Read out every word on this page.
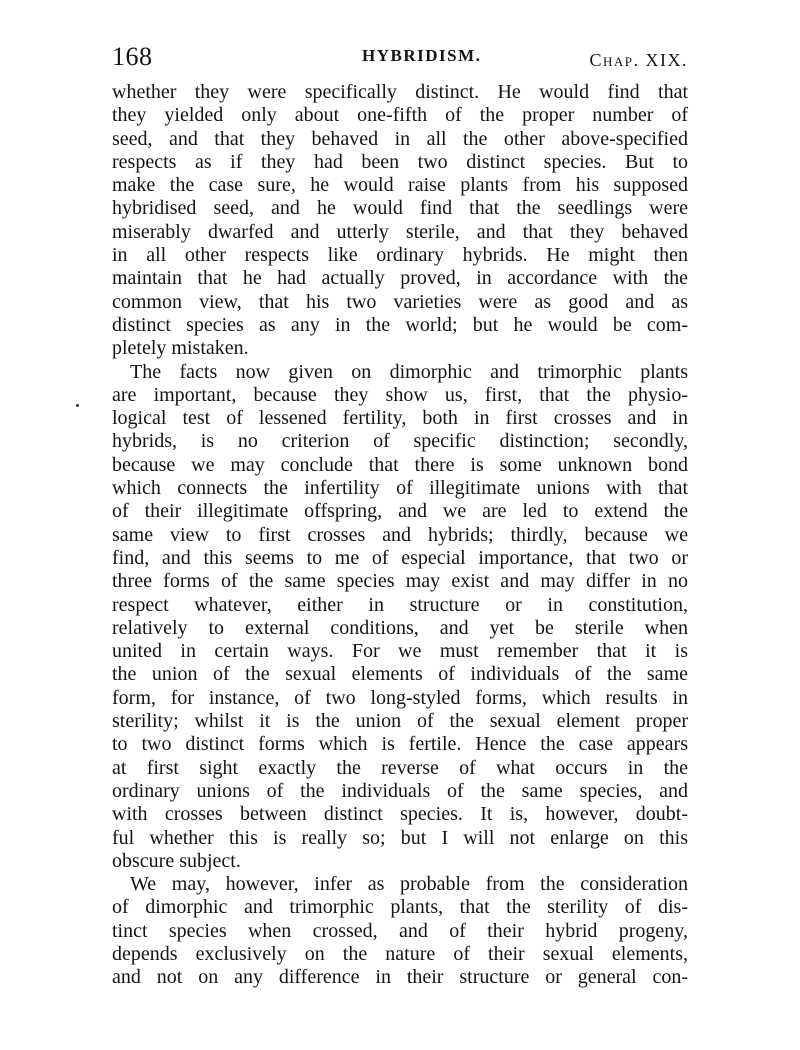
168	HYBRIDISM.	Chap. XIX.
whether they were specifically distinct. He would find that
they yielded only about one-fifth of the proper number of
seed, and that they behaved in all the other above-specified
respects as if they had been two distinct species. But to
make the case sure, he would raise plants from his supposed
hybridised seed, and he would find that the seedlings were
miserably dwarfed and utterly sterile, and that they behaved
in all other respects like ordinary hybrids. He might then
maintain that he had actually proved, in accordance with the
common view, that his two varieties were as good and as
distinct species as any in the world; but he would be com-
pletely mistaken.
The facts now given on dimorphic and trimorphic plants
are important, because they show us, first, that the physio-
logical test of lessened fertility, both in first crosses and in
hybrids, is no criterion of specific distinction; secondly,
because we may conclude that there is some unknown bond
which connects the infertility of illegitimate unions with that
of their illegitimate offspring, and we are led to extend the
same view to first crosses and hybrids; thirdly, because we
find, and this seems to me of especial importance, that two or
three forms of the same species may exist and may differ in no
respect whatever, either in structure or in constitution,
relatively to external conditions, and yet be sterile when
united in certain ways. For we must remember that it is
the union of the sexual elements of individuals of the same
form, for instance, of two long-styled forms, which results in
sterility; whilst it is the union of the sexual element proper
to two distinct forms which is fertile. Hence the case appears
at first sight exactly the reverse of what occurs in the
ordinary unions of the individuals of the same species, and
with crosses between distinct species. It is, however, doubt-
ful whether this is really so; but I will not enlarge on this
obscure subject.
We may, however, infer as probable from the consideration
of dimorphic and trimorphic plants, that the sterility of dis-
tinct species when crossed, and of their hybrid progeny,
depends exclusively on the nature of their sexual elements,
and not on any difference in their structure or general con-
